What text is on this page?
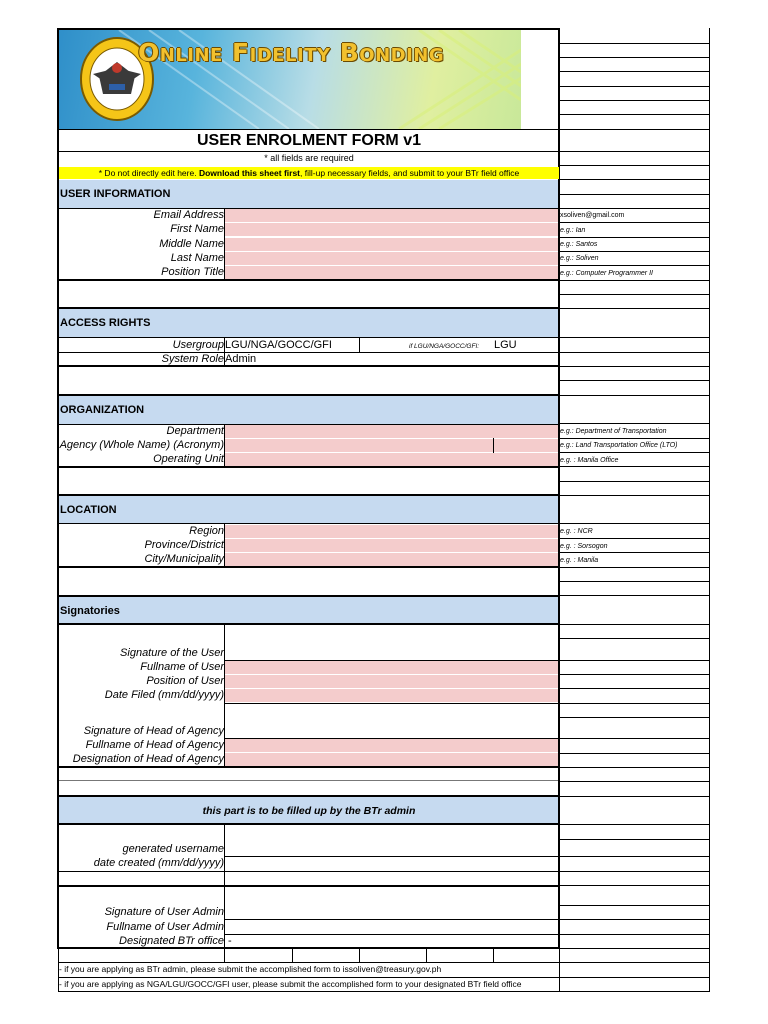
xsoliven@gmail.com
e.g.: Ian
e.g.: Santos
e.g.: Soliven
e.g.: Computer Programmer II
e.g.: Department of Transportation
e.g.: Land Transportation Office (LTO)
e.g. : Manila Office
e.g. : NCR
e.g. : Sorsogon
e.g. : Manila
Online Fidelity Bonding
USER ENROLMENT FORM v1
* all fields are required
* Do not directly edit here. Download this sheet first, fill-up necessary fields, and submit to your BTr field office
USER INFORMATION
Email Address
First Name
Middle Name
Last Name
Position Title
ACCESS RIGHTS
Usergroup LGU/NGA/GOCC/GFI	if LGU/NGA/GOCC/GFI: LGU
System Role Admin
ORGANIZATION
Department
Agency (Whole Name) (Acronym)
Operating Unit
LOCATION
Region
Province/District
City/Municipality
Signatories
Signature of the User
Fullname of User
Position of User
Date Filed (mm/dd/yyyy)
Signature of Head of Agency
Fullname of Head of Agency
Designation of Head of Agency
this part is to be filled up by the BTr admin
generated username
date created (mm/dd/yyyy)
Signature of User Admin
Fullname of User Admin
Designated BTr office -
- if you are applying as BTr admin, please submit the accomplished form to issoliven@treasury.gov.ph
- if you are applying as NGA/LGU/GOCC/GFI user, please submit the accomplished form to your designated BTr field office
